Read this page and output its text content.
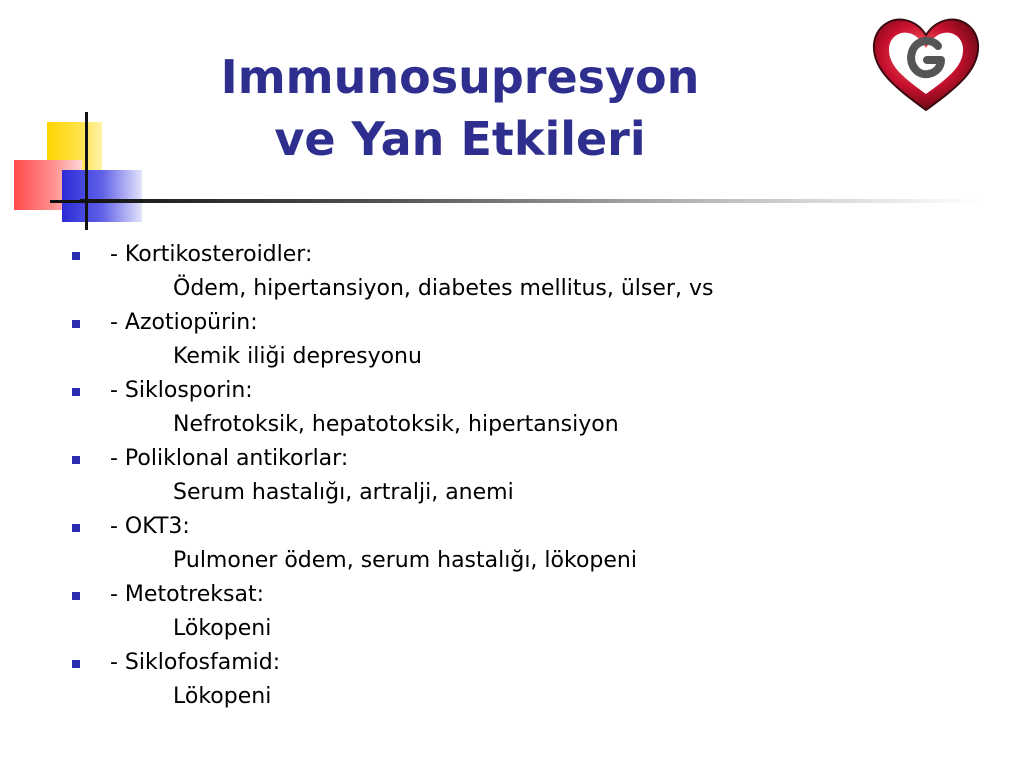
Immunosupresyon
ve Yan Etkileri
- Kortikosteroidler:
Ödem, hipertansiyon, diabetes mellitus, ülser, vs
- Azotiopürin:
Kemik iliği depresyonu
- Siklosporin:
Nefrotoksik, hepatotoksik, hipertansiyon
- Poliklonal antikorlar:
Serum hastalığı, artralji, anemi
- OKT3:
Pulmoner ödem, serum hastalığı, lökopeni
- Metotreksat:
Lökopeni
- Siklofosfamid:
Lökopeni
